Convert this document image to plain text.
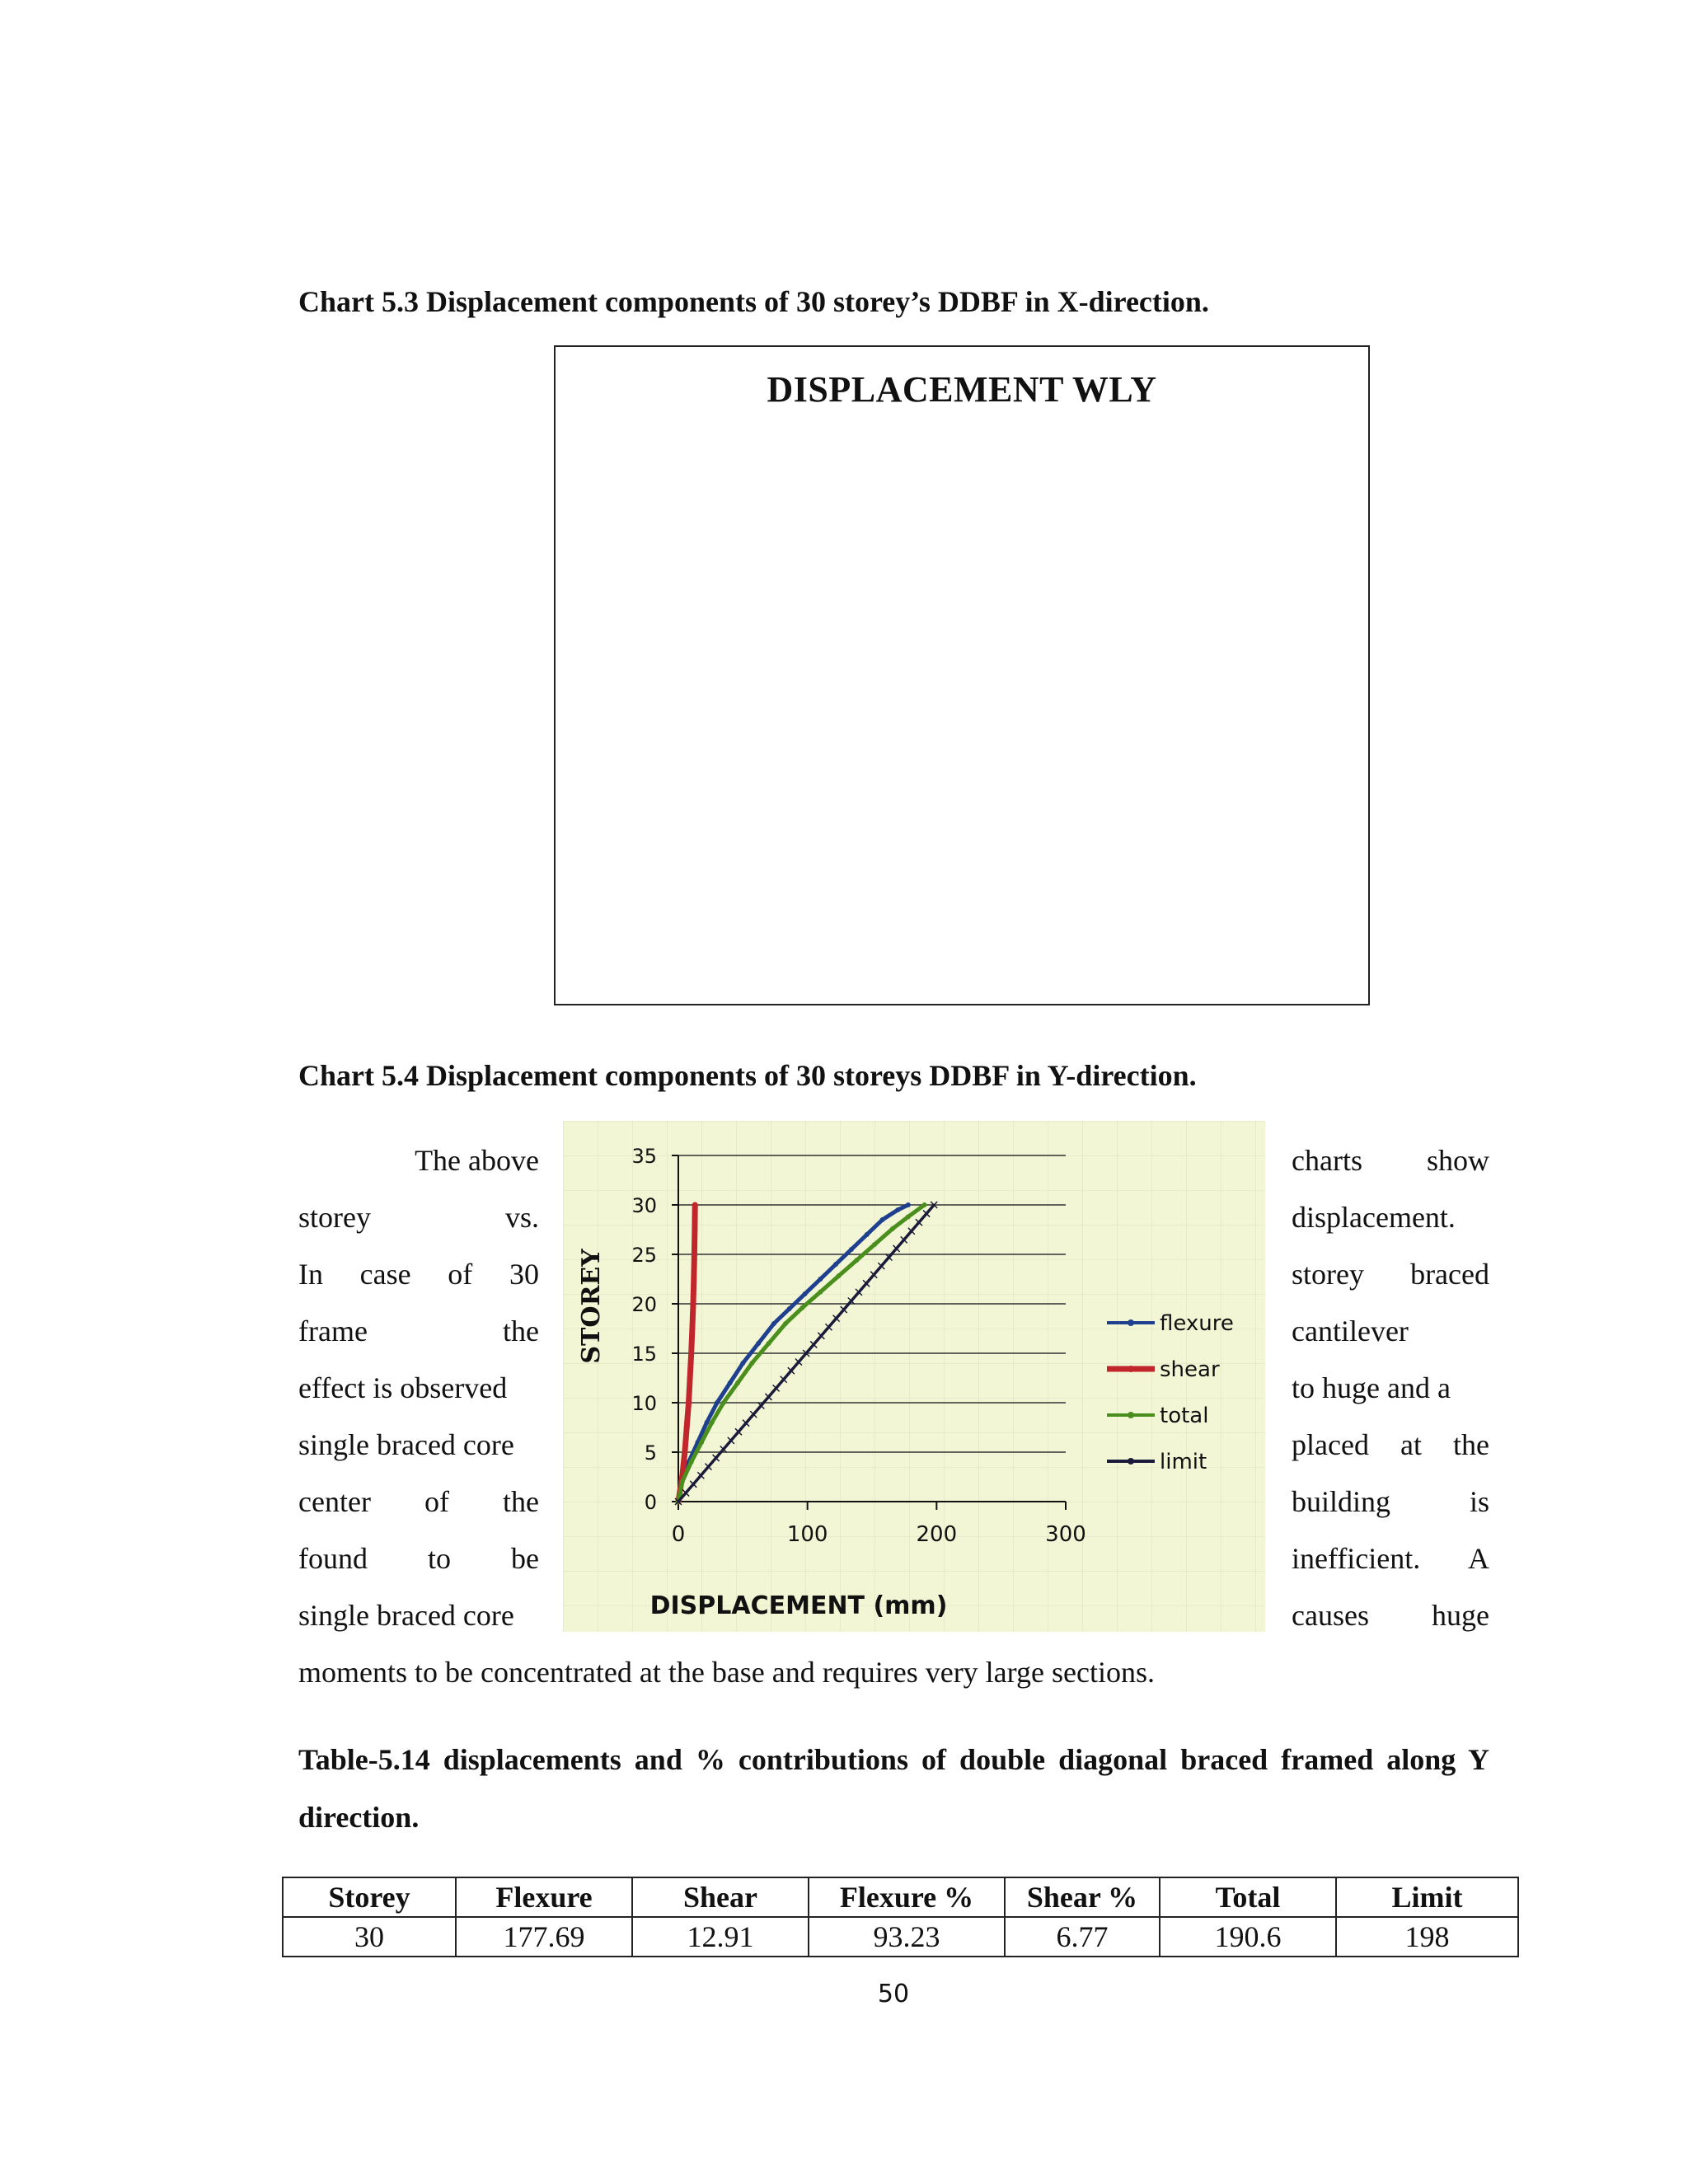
Chart 5.3 Displacement components of 30 storey’s DDBF in X-direction.
DISPLACEMENT WLY
Chart 5.4 Displacement components of 30 storeys DDBF in Y-direction.
The above
storey	vs.
In case of 30
frame	the
effect is observed
single braced core
center of the
found to be
single braced core
charts show
displacement.
storey braced
cantilever
to huge and a
placed at the
building	is
inefficient. A
causes huge
0
5
10
15
20
25
30
35
0	100	200	300
flexure
shear
total
limit
DISPLACEMENT (mm)
STOREY
moments to be concentrated at the base and requires very large sections.
Table-5.14 displacements and % contributions of double diagonal braced framed along Y direction.
Storey	Flexure	Shear	Flexure %	Shear %	Total	Limit
30	177.69	12.91	93.23	6.77	190.6	198
50
